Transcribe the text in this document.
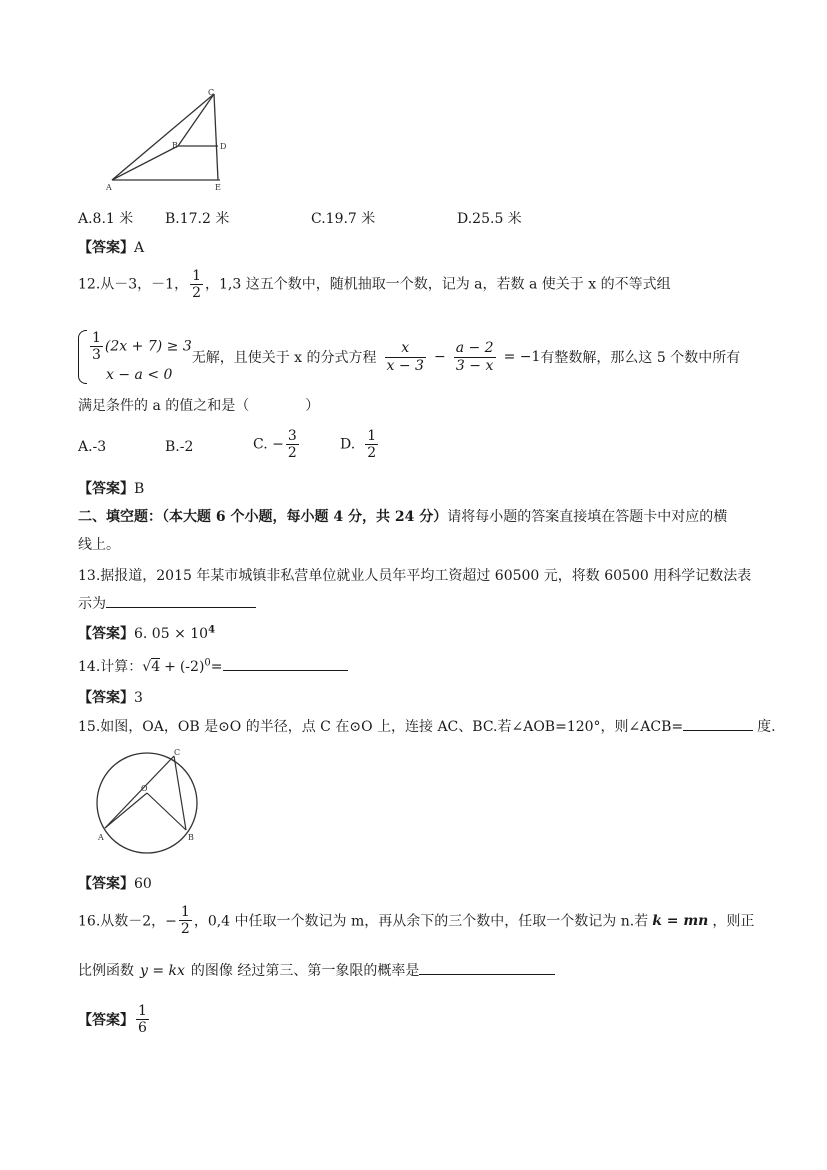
C
B	D
A	E
A.8.1 米 B.17.2 米	C.19.7 米	D.25.5 米
【答案】A
12.从－3，－1， $\frac{1}{2}$ ，1,3 这五个数中，随机抽取一个数，记为 a，若数 a 使关于 x 的不等式组
$\frac{1}{3} (2x + 7) \ge 3$
x − a < 0
无解，且使关于 x 的分式方程 $\frac{x}{x - 3} - \frac{a - 2}{3 - x} = -1$有整数解，那么这 5 个数中所有
满足条件的 a 的值之和是（　　　　）
A.-3	B.-2	C. − $\frac{3}{2}$	D. $\frac{1}{2}$
【答案】B
二、填空题：（本大题 6 个小题，每小题 4 分，共 24 分）请将每小题的答案直接填在答题卡中对应的横
线上。
13.据报道，2015 年某市城镇非私营单位就业人员年平均工资超过 60500 元，将数 60500 用科学记数法表
示为
【答案】6. $05 \times 10^4$
14.计算：$√4 + (-2)^0=$
【答案】3
15.如图，OA，OB 是⊙O 的半径，点 C 在⊙O 上，连接 AC、BC.若∠AOB=120°，则∠ACB=	度.
O
A	B
C
【答案】60
16.从数－2，− $\frac{1}{2}$ ，0,4 中任取一个数记为 m，再从余下的三个数中，任取一个数记为 n.若 k = mn ，则正
比例函数 y = kx 的图像 经过第三、第一象限的概率是
【答案】 $\frac{1}{6}$
